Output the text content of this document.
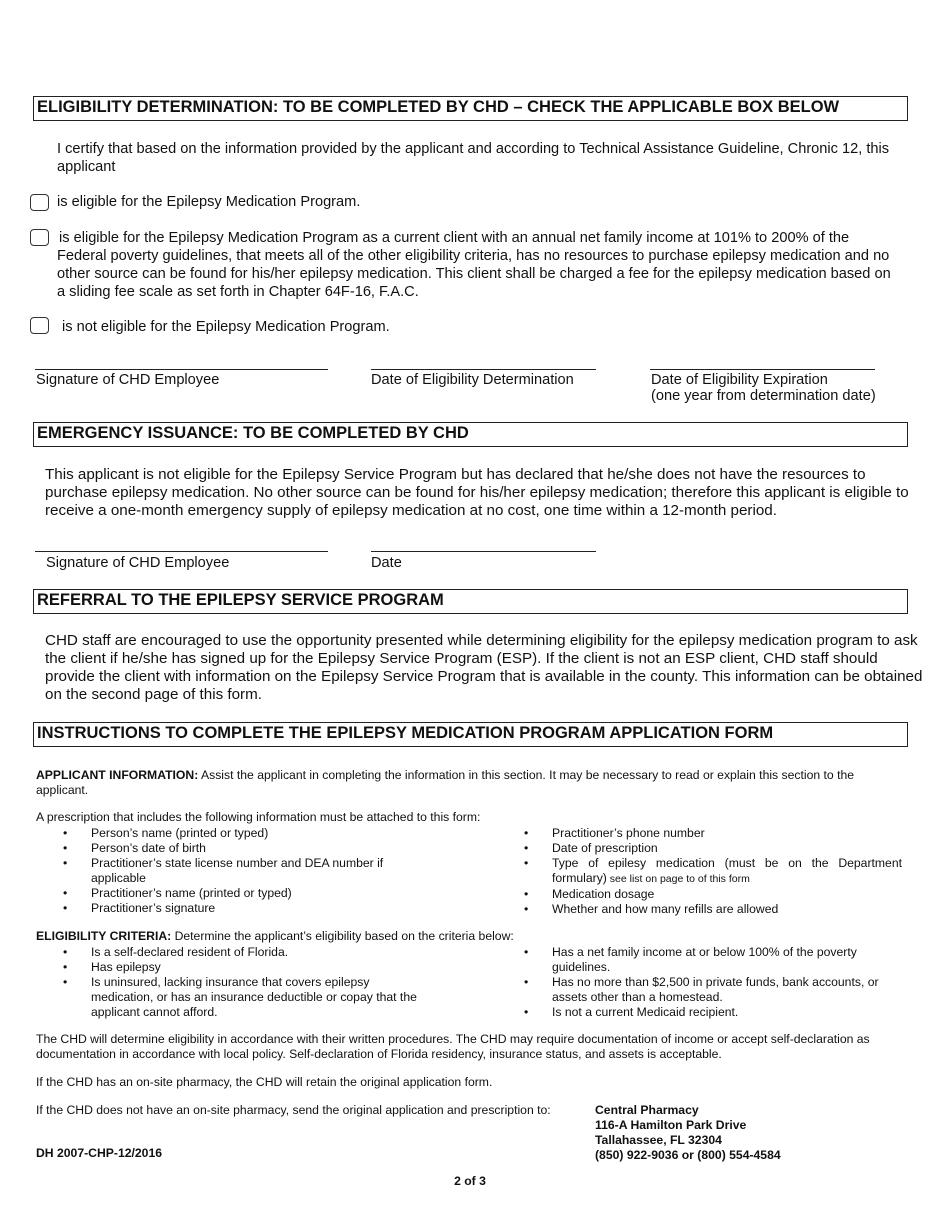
ELIGIBILITY DETERMINATION: TO BE COMPLETED BY CHD – CHECK THE APPLICABLE BOX BELOW
I certify that based on the information provided by the applicant and according to Technical Assistance Guideline, Chronic 12, this applicant
is eligible for the Epilepsy Medication Program.
is eligible for the Epilepsy Medication Program as a current client with an annual net family income at 101% to 200% of the Federal poverty guidelines, that meets all of the other eligibility criteria, has no resources to purchase epilepsy medication and no other source can be found for his/her epilepsy medication. This client shall be charged a fee for the epilepsy medication based on a sliding fee scale as set forth in Chapter 64F-16, F.A.C.
is not eligible for the Epilepsy Medication Program.
Signature of CHD Employee	Date of Eligibility Determination	Date of Eligibility Expiration
(one year from determination date)
EMERGENCY ISSUANCE: TO BE COMPLETED BY CHD
This applicant is not eligible for the Epilepsy Service Program but has declared that he/she does not have the resources to purchase epilepsy medication. No other source can be found for his/her epilepsy medication; therefore this applicant is eligible to receive a one-month emergency supply of epilepsy medication at no cost, one time within a 12-month period.
Signature of CHD Employee	Date
REFERRAL TO THE EPILEPSY SERVICE PROGRAM
CHD staff are encouraged to use the opportunity presented while determining eligibility for the epilepsy medication program to ask the client if he/she has signed up for the Epilepsy Service Program (ESP). If the client is not an ESP client, CHD staff should provide the client with information on the Epilepsy Service Program that is available in the county. This information can be obtained on the second page of this form.
INSTRUCTIONS TO COMPLETE THE EPILEPSY MEDICATION PROGRAM APPLICATION FORM
APPLICANT INFORMATION: Assist the applicant in completing the information in this section. It may be necessary to read or explain this section to the applicant.
A prescription that includes the following information must be attached to this form:
• Person’s name (printed or typed)
• Person’s date of birth
• Practitioner’s state license number and DEA number if applicable
• Practitioner’s name (printed or typed)
• Practitioner’s signature
• Practitioner’s phone number
• Date of prescription
• Type of epilesy medication (must be on the Department formulary) see list on page to of this form
• Medication dosage
• Whether and how many refills are allowed
ELIGIBILITY CRITERIA: Determine the applicant’s eligibility based on the criteria below:
• Is a self-declared resident of Florida.
• Has epilepsy
• Is uninsured, lacking insurance that covers epilepsy medication, or has an insurance deductible or copay that the applicant cannot afford.
• Has a net family income at or below 100% of the poverty guidelines.
• Has no more than $2,500 in private funds, bank accounts, or assets other than a homestead.
• Is not a current Medicaid recipient.
The CHD will determine eligibility in accordance with their written procedures. The CHD may require documentation of income or accept self-declaration as documentation in accordance with local policy. Self-declaration of Florida residency, insurance status, and assets is acceptable.
If the CHD has an on-site pharmacy, the CHD will retain the original application form.
If the CHD does not have an on-site pharmacy, send the original application and prescription to:	Central Pharmacy
116-A Hamilton Park Drive
Tallahassee, FL 32304
(850) 922-9036 or (800) 554-4584
DH 2007-CHP-12/2016
2 of 3
